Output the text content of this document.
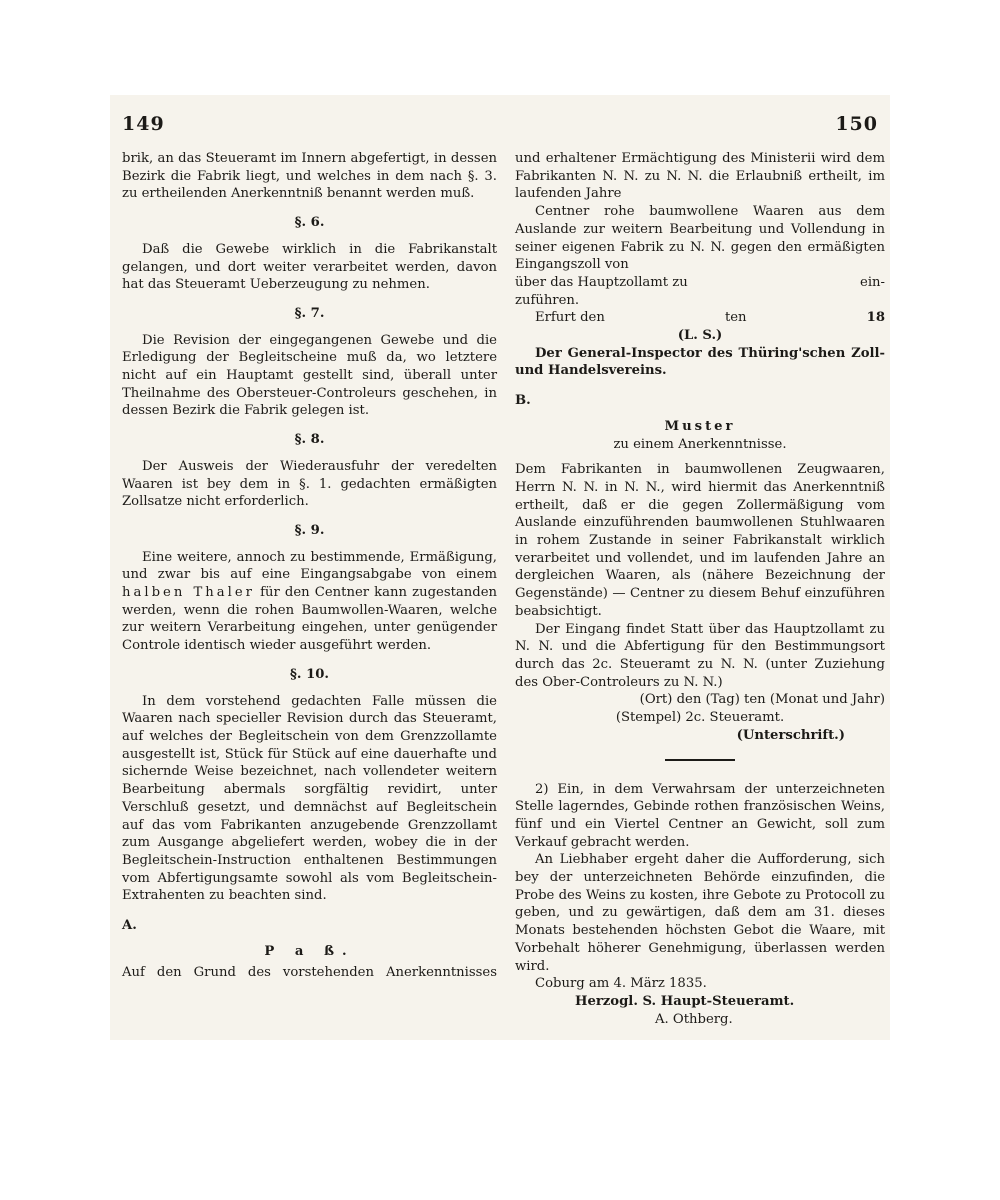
149	150

brik, an das Steueramt im Innern abgefertigt, in dessen Bezirk die Fabrik liegt, und welches in dem nach §. 3. zu ertheilenden Anerkenntniß benannt werden muß.

§. 6.

Daß die Gewebe wirklich in die Fabrikanstalt gelangen, und dort weiter verarbeitet werden, davon hat das Steueramt Ueberzeugung zu nehmen.

§. 7.

Die Revision der eingegangenen Gewebe und die Erledigung der Begleitscheine muß da, wo letztere nicht auf ein Hauptamt gestellt sind, überall unter Theilnahme des Obersteuer-Controleurs geschehen, in dessen Bezirk die Fabrik gelegen ist.

§. 8.

Der Ausweis der Wiederausfuhr der veredelten Waaren ist bey dem in §. 1. gedachten ermäßigten Zollsatze nicht erforderlich.

§. 9.

Eine weitere, annoch zu bestimmende, Ermäßigung, und zwar bis auf eine Eingangsabgabe von einem halben Thaler für den Centner kann zugestanden werden, wenn die rohen Baumwollen-Waaren, welche zur weitern Verarbeitung eingehen, unter genügender Controle identisch wieder ausgeführt werden.

§. 10.

In dem vorstehend gedachten Falle müssen die Waaren nach specieller Revision durch das Steueramt, auf welches der Begleitschein von dem Grenzzollamte ausgestellt ist, Stück für Stück auf eine dauerhafte und sichernde Weise bezeichnet, nach vollendeter weitern Bearbeitung abermals sorgfältig revidirt, unter Verschluß gesetzt, und demnächst auf Begleitschein auf das vom Fabrikanten anzugebende Grenzzollamt zum Ausgange abgeliefert werden, wobey die in der Begleitschein-Instruction enthaltenen Bestimmungen vom Abfertigungsamte sowohl als vom Begleitschein-Extrahenten zu beachten sind.

A.
P a ß.

Auf den Grund des vorstehenden Anerkenntnisses

und erhaltener Ermächtigung des Ministerii wird dem Fabrikanten N. N. zu N. N. die Erlaubniß ertheilt, im laufenden Jahre

Centner rohe baumwollene Waaren aus dem Auslande zur weitern Bearbeitung und Vollendung in seiner eigenen Fabrik zu N. N. gegen den ermäßigten Eingangszoll von

über das Hauptzollamt zu	ein-

zuführen.

Erfurt den	ten	18
(L. S.)

Der General-Inspector des Thüring'schen Zoll- und Handelsvereins.

B.
Muster
zu einem Anerkenntnisse.

Dem Fabrikanten in baumwollenen Zeugwaaren, Herrn N. N. in N. N., wird hiermit das Anerkenntniß ertheilt, daß er die gegen Zollermäßigung vom Auslande einzuführenden baumwollenen Stuhlwaaren in rohem Zustande in seiner Fabrikanstalt wirklich verarbeitet und vollendet, und im laufenden Jahre an dergleichen Waaren, als (nähere Bezeichnung der Gegenstände) — Centner zu diesem Behuf einzuführen beabsichtigt.

Der Eingang findet Statt über das Hauptzollamt zu N. N. und die Abfertigung für den Bestimmungsort durch das 2c. Steueramt zu N. N. (unter Zuziehung des Ober-Controleurs zu N. N.)

(Ort) den (Tag) ten (Monat und Jahr)
(Stempel) 2c. Steueramt.
(Unterschrift.)

2) Ein, in dem Verwahrsam der unterzeichneten Stelle lagerndes, Gebinde rothen französischen Weins, fünf und ein Viertel Centner an Gewicht, soll zum Verkauf gebracht werden.

An Liebhaber ergeht daher die Aufforderung, sich bey der unterzeichneten Behörde einzufinden, die Probe des Weins zu kosten, ihre Gebote zu Protocoll zu geben, und zu gewärtigen, daß dem am 31. dieses Monats bestehenden höchsten Gebot die Waare, mit Vorbehalt höherer Genehmigung, überlassen werden wird.

Coburg am 4. März 1835.
Herzogl. S. Haupt-Steueramt.
A. Othberg.
